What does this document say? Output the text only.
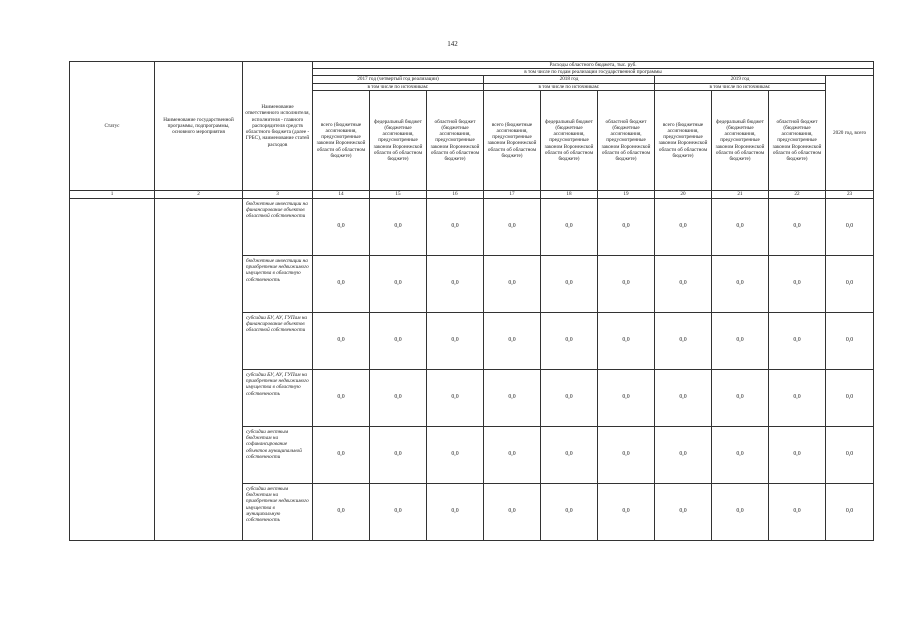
142
Статус	Наименование государственной программы, подпрограммы, основного мероприятия	Наименование ответственного исполнителя, исполнителя - главного распорядителя средств областного бюджета (далее - ГРБС), наименование статей расходов	Расходы областного бюджета, тыс. руб.									
			в том числе по годам реализации государственной программы									
			2017 год (четвертый год реализации)			2018 год			2019 год			2020 год, всего
			в том числе по источникам:			в том числе по источникам:			в том числе по источникам:			
			всего (бюджетные ассигнования, предусмотренные законом Воронежской области об областном бюджете)	федеральный бюджет (бюджетные ассигнования, предусмотренные законом Воронежской области об областном бюджете)	областной бюджет (бюджетные ассигнования, предусмотренные законом Воронежской области об областном бюджете)	всего (бюджетные ассигнования, предусмотренные законом Воронежской области об областном бюджете)	федеральный бюджет (бюджетные ассигнования, предусмотренные законом Воронежской области об областном бюджете)	областной бюджет (бюджетные ассигнования, предусмотренные законом Воронежской области об областном бюджете)	всего (бюджетные ассигнования, предусмотренные законом Воронежской области об областном бюджете)	федеральный бюджет (бюджетные ассигнования, предусмотренные законом Воронежской области об областном бюджете)	областной бюджет (бюджетные ассигнования, предусмотренные законом Воронежской области об областном бюджете)	
1	2	3	14	15	16	17	18	19	20	21	22	23
		бюджетные инвестиции на финансирование объектов областной собственности	0,0	0,0	0,0	0,0	0,0	0,0	0,0	0,0	0,0	0,0
		бюджетные инвестиции на приобретение недвижимого имущества в областную собственность	0,0	0,0	0,0	0,0	0,0	0,0	0,0	0,0	0,0	0,0
		субсидии БУ, АУ, ГУПам на финансирование объектов областной собственности	0,0	0,0	0,0	0,0	0,0	0,0	0,0	0,0	0,0	0,0
		субсидии БУ, АУ, ГУПам на приобретение недвижимого имущества в областную собственность	0,0	0,0	0,0	0,0	0,0	0,0	0,0	0,0	0,0	0,0
		субсидии местным бюджетам на софинансирование объектов муниципальной собственности	0,0	0,0	0,0	0,0	0,0	0,0	0,0	0,0	0,0	0,0
		субсидии местным бюджетам на приобретение недвижимого имущества в муниципальную собственность	0,0	0,0	0,0	0,0	0,0	0,0	0,0	0,0	0,0	0,0
